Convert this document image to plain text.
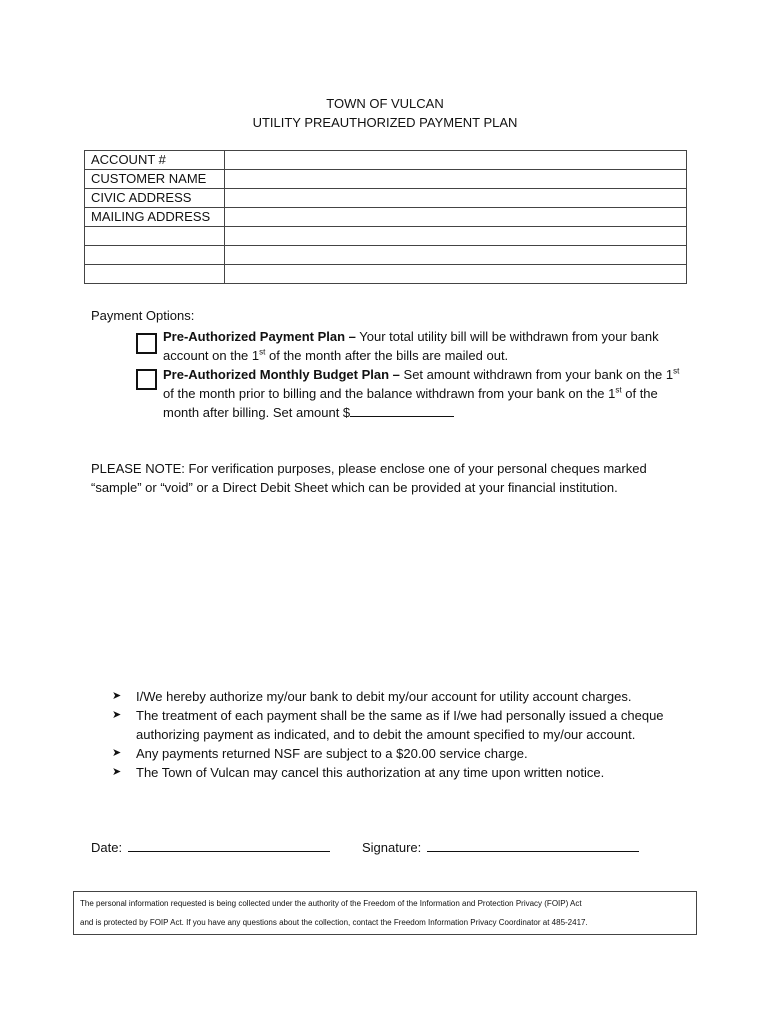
TOWN OF VULCAN
UTILITY PREAUTHORIZED PAYMENT PLAN
ACCOUNT #	
CUSTOMER NAME	
CIVIC ADDRESS	
MAILING ADDRESS	

Payment Options:
Pre-Authorized Payment Plan – Your total utility bill will be withdrawn from your bank account on the 1st of the month after the bills are mailed out.
Pre-Authorized Monthly Budget Plan – Set amount withdrawn from your bank on the 1st of the month prior to billing and the balance withdrawn from your bank on the 1st of the month after billing. Set amount $
PLEASE NOTE: For verification purposes, please enclose one of your personal cheques marked “sample” or “void” or a Direct Debit Sheet which can be provided at your financial institution.
➤	I/We hereby authorize my/our bank to debit my/our account for utility account charges.
➤	The treatment of each payment shall be the same as if I/we had personally issued a cheque authorizing payment as indicated, and to debit the amount specified to my/our account.
➤	Any payments returned NSF are subject to a $20.00 service charge.
➤	The Town of Vulcan may cancel this authorization at any time upon written notice.
Date:	Signature:
The personal information requested is being collected under the authority of the Freedom of the Information and Protection Privacy (FOIP) Act
and is protected by FOIP Act. If you have any questions about the collection, contact the Freedom Information Privacy Coordinator at 485-2417.
